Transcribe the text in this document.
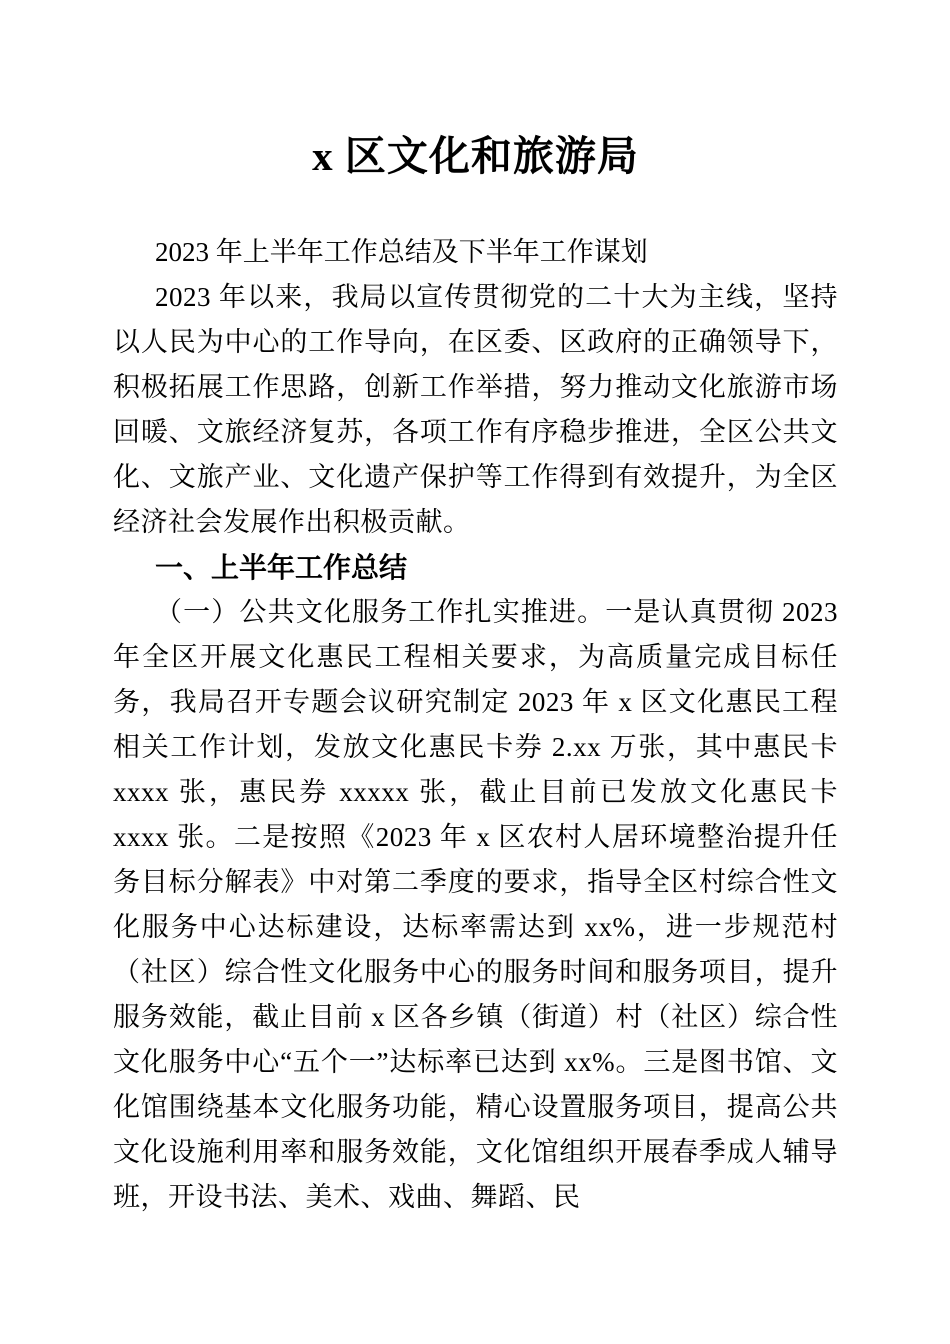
x 区文化和旅游局

2023 年上半年工作总结及下半年工作谋划

2023 年以来，我局以宣传贯彻党的二十大为主线，坚持以人民为中心的工作导向，在区委、区政府的正确领导下，积极拓展工作思路，创新工作举措，努力推动文化旅游市场回暖、文旅经济复苏，各项工作有序稳步推进，全区公共文化、文旅产业、文化遗产保护等工作得到有效提升，为全区经济社会发展作出积极贡献。

一、上半年工作总结

（一）公共文化服务工作扎实推进。一是认真贯彻 2023 年全区开展文化惠民工程相关要求，为高质量完成目标任务，我局召开专题会议研究制定 2023 年 x 区文化惠民工程相关工作计划，发放文化惠民卡券 2.xx 万张，其中惠民卡 xxxx 张，惠民券 xxxxx 张，截止目前已发放文化惠民卡 xxxx 张。二是按照《2023 年 x 区农村人居环境整治提升任务目标分解表》中对第二季度的要求，指导全区村综合性文化服务中心达标建设，达标率需达到 xx%，进一步规范村（社区）综合性文化服务中心的服务时间和服务项目，提升服务效能，截止目前 x 区各乡镇（街道）村（社区）综合性文化服务中心“五个一”达标率已达到 xx%。三是图书馆、文化馆围绕基本文化服务功能，精心设置服务项目，提高公共文化设施利用率和服务效能，文化馆组织开展春季成人辅导班，开设书法、美术、戏曲、舞蹈、民
